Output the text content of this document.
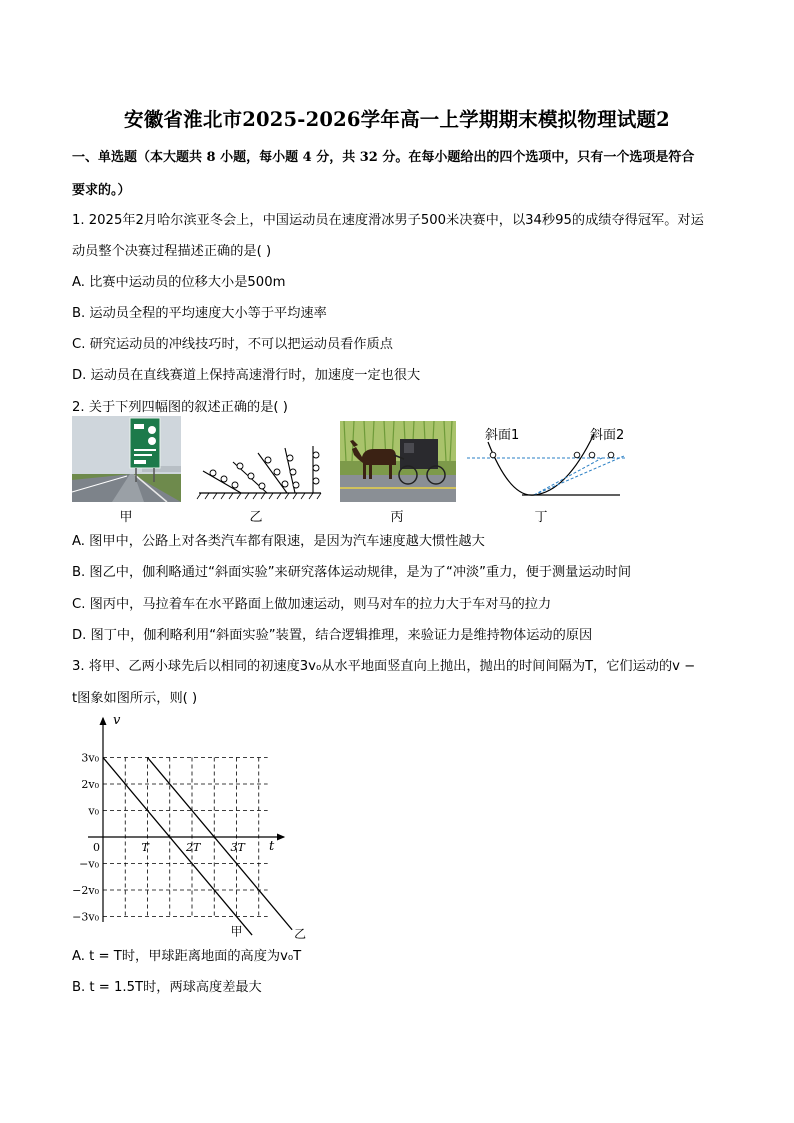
安徽省淮北市2025-2026学年高一上学期期末模拟物理试题2
一、单选题（本大题共 8 小题，每小题 4 分，共 32 分。在每小题给出的四个选项中，只有一个选项是符合
要求的。）
1. 2025年2月哈尔滨亚冬会上，中国运动员在速度滑冰男子500米决赛中，以34秒95的成绩夺得冠军。对运
动员整个决赛过程描述正确的是( )
A. 比赛中运动员的位移大小是500m
B. 运动员全程的平均速度大小等于平均速率
C. 研究运动员的冲线技巧时，不可以把运动员看作质点
D. 运动员在直线赛道上保持高速滑行时，加速度一定也很大
2. 关于下列四幅图的叙述正确的是( )
甲	乙	丙
斜面1	斜面2
丁
A. 图甲中，公路上对各类汽车都有限速，是因为汽车速度越大惯性越大
B. 图乙中，伽利略通过“斜面实验”来研究落体运动规律，是为了“冲淡”重力，便于测量运动时间
C. 图丙中，马拉着车在水平路面上做加速运动，则马对车的拉力大于车对马的拉力
D. 图丁中，伽利略利用“斜面实验”装置，结合逻辑推理，来验证力是维持物体运动的原因
3. 将甲、乙两小球先后以相同的初速度3v₀从水平地面竖直向上抛出，抛出的时间间隔为T，它们运动的v −
t图象如图所示，则( )
v
t
3v₀
2v₀
v₀
−v₀
−2v₀
−3v₀
0	T	2T	3T
甲	乙
A. t = T时，甲球距离地面的高度为v₀T
B. t = 1.5T时，两球高度差最大
